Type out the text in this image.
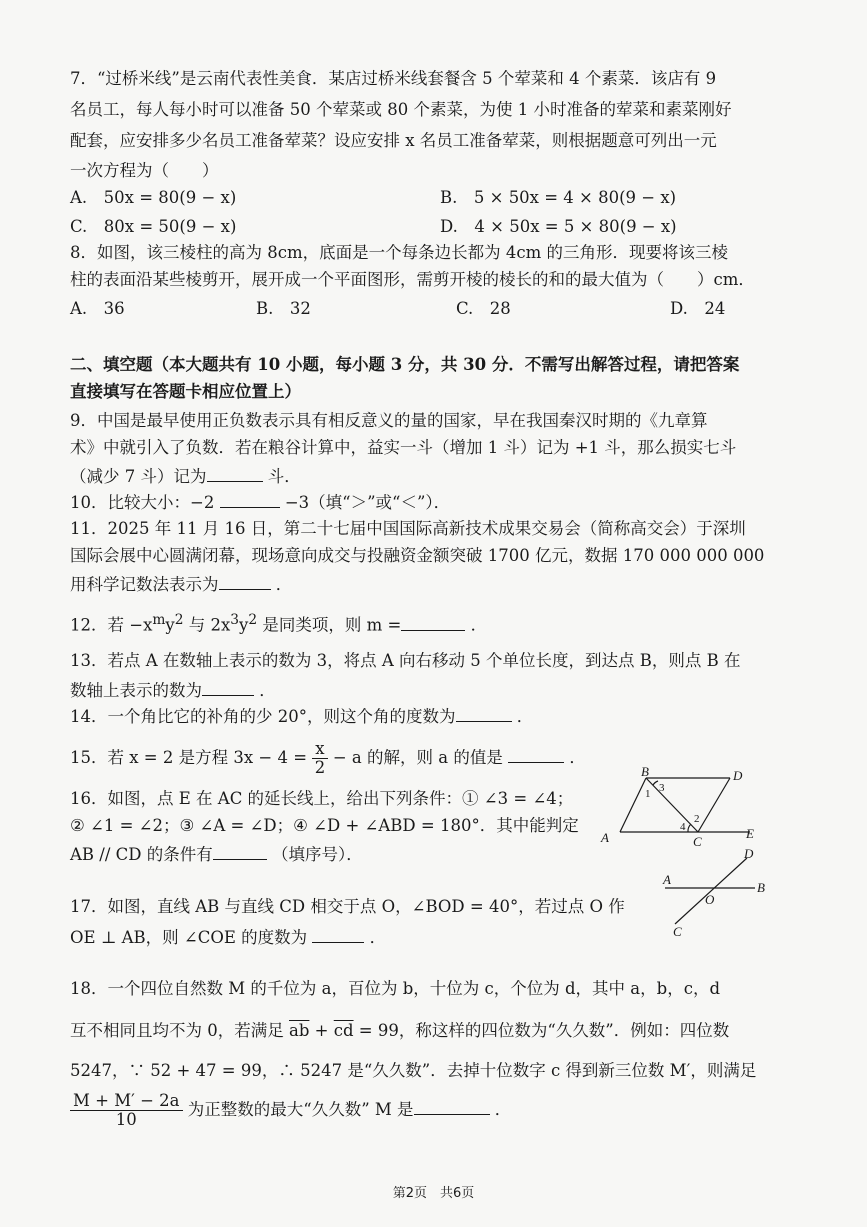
7．“过桥米线”是云南代表性美食．某店过桥米线套餐含 5 个荤菜和 4 个素菜．该店有 9
名员工，每人每小时可以准备 50 个荤菜或 80 个素菜，为使 1 小时准备的荤菜和素菜刚好
配套，应安排多少名员工准备荤菜？设应安排 x 名员工准备荤菜，则根据题意可列出一元
一次方程为（　　）
A.　 50x = 80(9 − x)	B.　 5 × 50x = 4 × 80(9 − x)
C.　 80x = 50(9 − x)	D.　 4 × 50x = 5 × 80(9 − x)
8．如图，该三棱柱的高为 8cm，底面是一个每条边长都为 4cm 的三角形．现要将该三棱
柱的表面沿某些棱剪开，展开成一个平面图形，需剪开棱的棱长的和的最大值为（　　）cm．
A.　 36	B.　 32	C.　 28	D.　 24
二、填空题（本大题共有 10 小题，每小题 3 分，共 30 分．不需写出解答过程，请把答案
直接填写在答题卡相应位置上）
9．中国是最早使用正负数表示具有相反意义的量的国家，早在我国秦汉时期的《九章算
术》中就引入了负数．若在粮谷计算中，益实一斗（增加 1 斗）记为 +1 斗，那么损实七斗
（减少 7 斗）记为	斗．
10．比较大小：−2	−3（填“＞”或“＜”）．
11．2025 年 11 月 16 日，第二十七届中国国际高新技术成果交易会（简称高交会）于深圳
国际会展中心圆满闭幕，现场意向成交与投融资金额突破 1700 亿元，数据 170 000 000 000
用科学记数法表示为	．
12．若 $-x^my^2$ 与 $2x^3y^2$ 是同类项，则 m =	．
13．若点 A 在数轴上表示的数为 3，将点 A 向右移动 5 个单位长度，到达点 B，则点 B 在
数轴上表示的数为	．
14．一个角比它的补角的少 20°，则这个角的度数为	．
15．若 x = 2 是方程 $3x - 4 = \frac{x}{2} - a$ 的解，则 a 的值是	．
16．如图，点 E 在 AC 的延长线上，给出下列条件：① ∠3 = ∠4；
② ∠1 = ∠2；③ ∠A = ∠D；④ ∠D + ∠ABD = 180°．其中能判定
AB // CD 的条件有	（填序号）．
B	D
A	C
E
1
2
3
4
17．如图，直线 AB 与直线 CD 相交于点 O，∠BOD = 40°，若过点 O 作
OE ⊥ AB，则 ∠COE 的度数为	．
D
A
B
O
C
18．一个四位自然数 M 的千位为 a，百位为 b，十位为 c，个位为 d，其中 a，b，c，d
互不相同且均不为 0，若满足 $\overline{ab} + \overline{cd} = 99$，称这样的四位数为“久久数”．例如：四位数
5247，∵ 52 + 47 = 99，∴ 5247 是“久久数”．去掉十位数字 c 得到新三位数 M′，则满足
$\frac{M + M' - 2a}{10}$ 为正整数的最大“久久数” M 是	．
第2页　共6页
